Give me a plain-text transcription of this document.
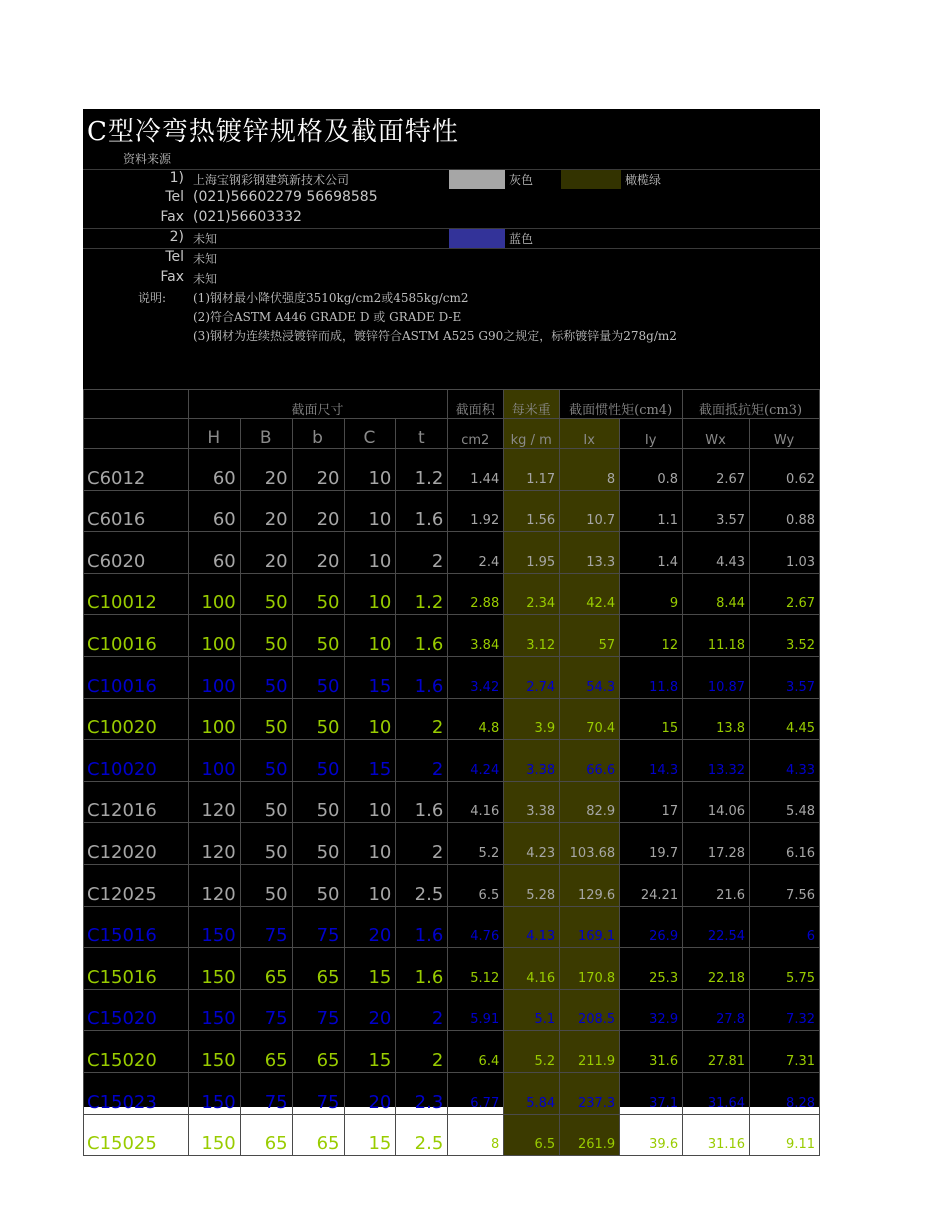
C型冷弯热镀锌规格及截面特性
资料来源
1) 上海宝钢彩钢建筑新技术公司	灰色	橄榄绿
Tel (021)56602279 56698585
Fax (021)56603332
2) 未知	蓝色
Tel 未知
Fax 未知
说明: (1)钢材最小降伏强度3510kg/cm2或4585kg/cm2
(2)符合ASTM A446 GRADE D 或 GRADE D-E
(3)钢材为连续热浸镀锌而成，镀锌符合ASTM A525 G90之规定，标称镀锌量为278g/m2
	截面尺寸					截面积	每米重	截面惯性矩(cm4)		截面抵抗矩(cm3)	
	H	B	b	C	t	cm2	kg / m	Ix	Iy	Wx	Wy
C6012	60	20	20	10	1.2	1.44	1.17	8	0.8	2.67	0.62
C6016	60	20	20	10	1.6	1.92	1.56	10.7	1.1	3.57	0.88
C6020	60	20	20	10	2	2.4	1.95	13.3	1.4	4.43	1.03
C10012	100	50	50	10	1.2	2.88	2.34	42.4	9	8.44	2.67
C10016	100	50	50	10	1.6	3.84	3.12	57	12	11.18	3.52
C10016	100	50	50	15	1.6	3.42	2.74	54.3	11.8	10.87	3.57
C10020	100	50	50	10	2	4.8	3.9	70.4	15	13.8	4.45
C10020	100	50	50	15	2	4.24	3.38	66.6	14.3	13.32	4.33
C12016	120	50	50	10	1.6	4.16	3.38	82.9	17	14.06	5.48
C12020	120	50	50	10	2	5.2	4.23	103.68	19.7	17.28	6.16
C12025	120	50	50	10	2.5	6.5	5.28	129.6	24.21	21.6	7.56
C15016	150	75	75	20	1.6	4.76	4.13	169.1	26.9	22.54	6
C15016	150	65	65	15	1.6	5.12	4.16	170.8	25.3	22.18	5.75
C15020	150	75	75	20	2	5.91	5.1	208.5	32.9	27.8	7.32
C15020	150	65	65	15	2	6.4	5.2	211.9	31.6	27.81	7.31
C15023	150	75	75	20	2.3	6.77	5.84	237.3	37.1	31.64	8.28
C15025	150	65	65	15	2.5	8	6.5	261.9	39.6	31.16	9.11
